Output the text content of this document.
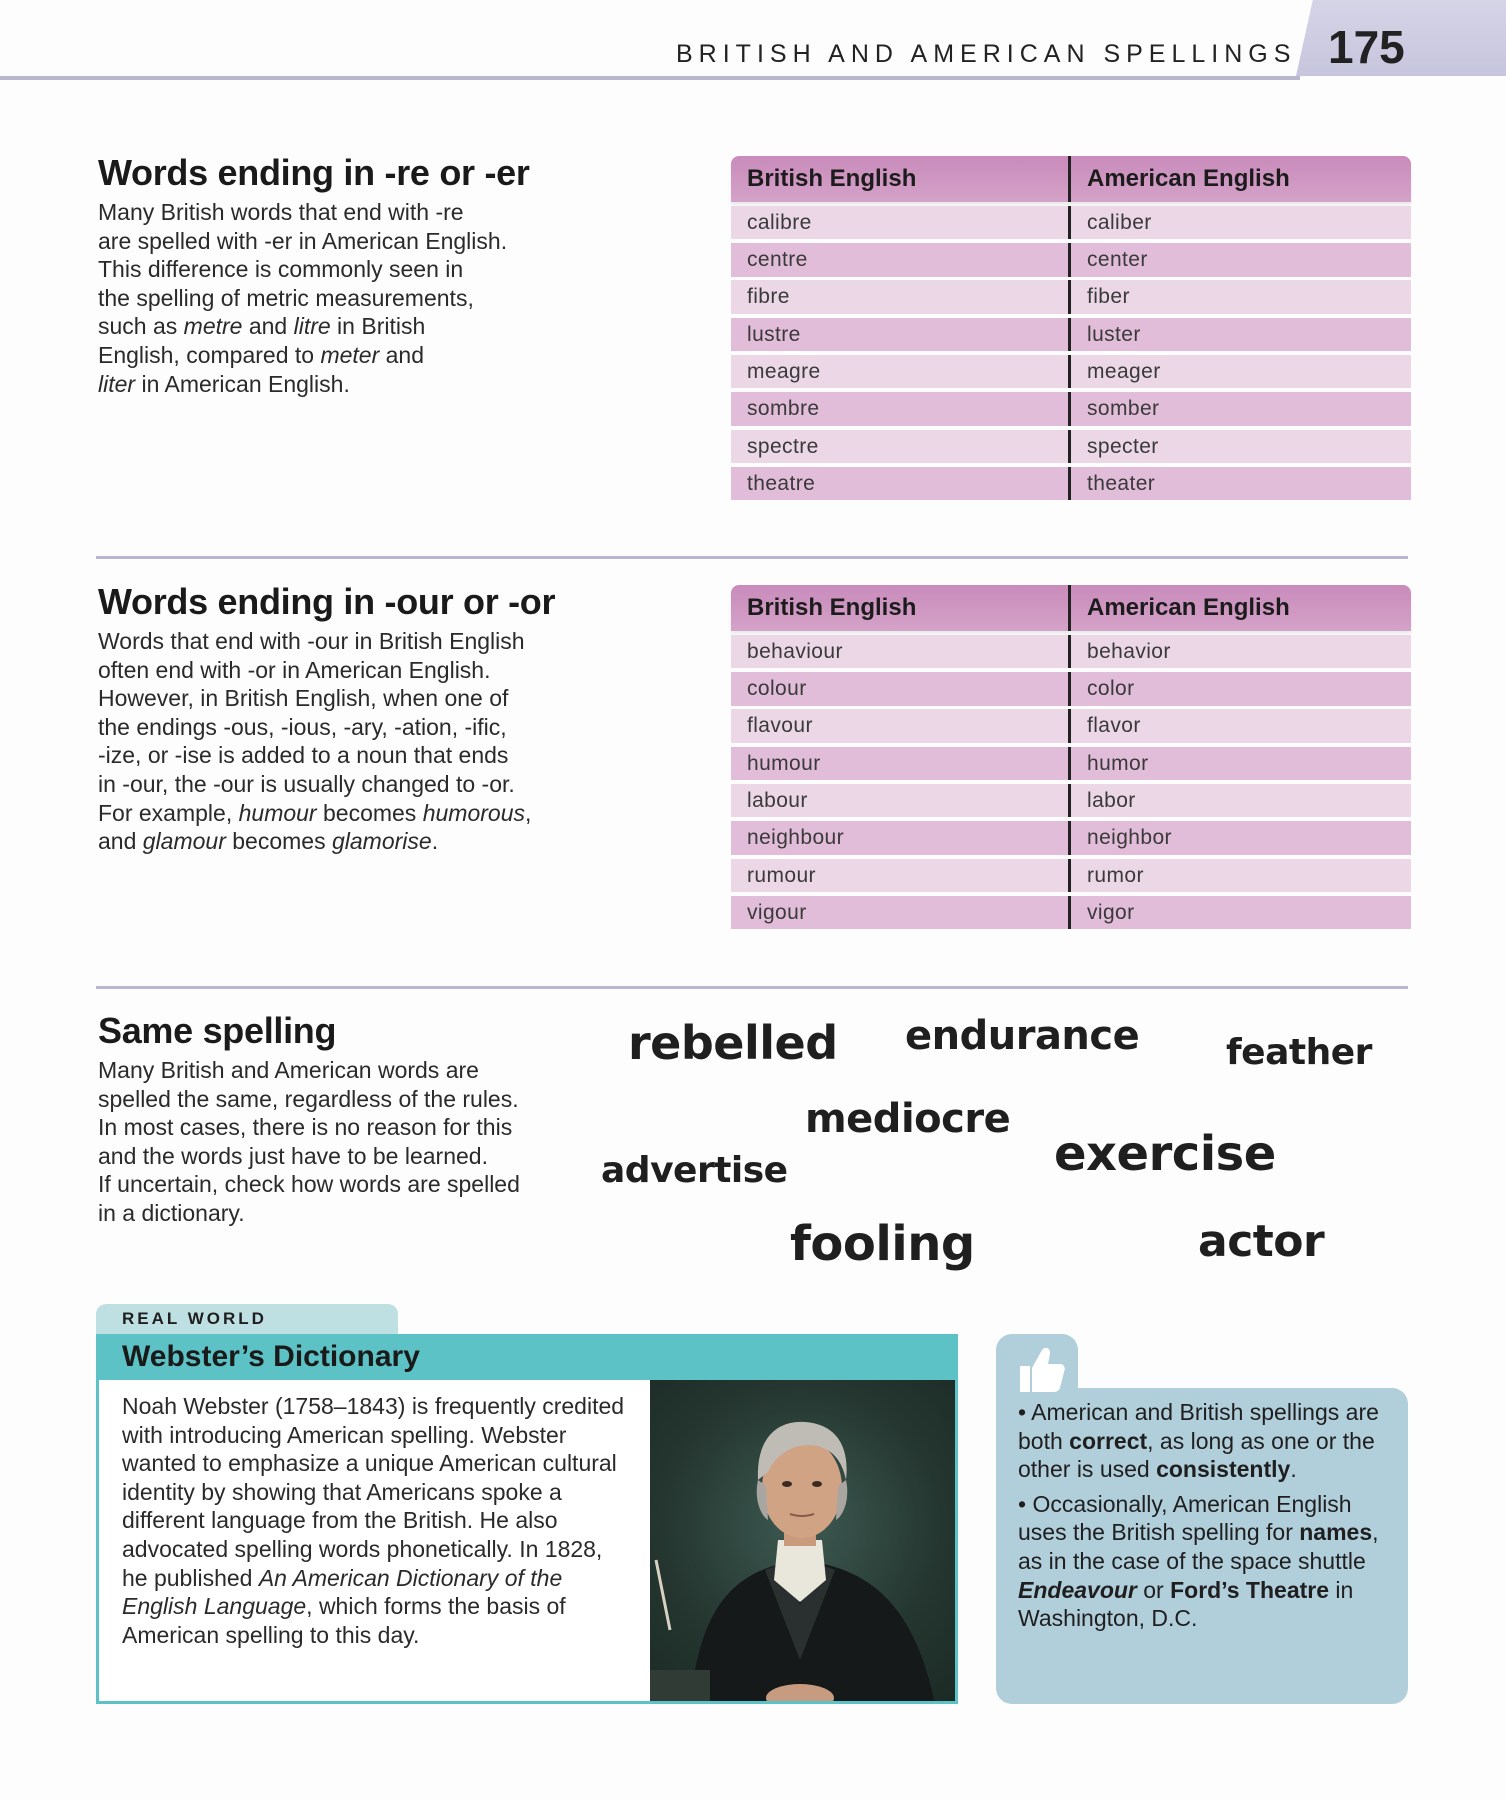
BRITISH AND AMERICAN SPELLINGS 175
Words ending in -re or -er
Many British words that end with -re
are spelled with -er in American English.
This difference is commonly seen in
the spelling of metric measurements,
such as metre and litre in British
English, compared to meter and
liter in American English.
British English	American English
calibre	caliber
centre	center
fibre	fiber
lustre	luster
meagre	meager
sombre	somber
spectre	specter
theatre	theater
Words ending in -our or -or
Words that end with -our in British English
often end with -or in American English.
However, in British English, when one of
the endings -ous, -ious, -ary, -ation, -ific,
-ize, or -ise is added to a noun that ends
in -our, the -our is usually changed to -or.
For example, humour becomes humorous,
and glamour becomes glamorise.
British English	American English
behaviour	behavior
colour	color
flavour	flavor
humour	humor
labour	labor
neighbour	neighbor
rumour	rumor
vigour	vigor
Same spelling
Many British and American words are
spelled the same, regardless of the rules.
In most cases, there is no reason for this
and the words just have to be learned.
If uncertain, check how words are spelled
in a dictionary.
rebelled endurance feather
mediocre
advertise	exercise
fooling	actor
REAL WORLD
Webster’s Dictionary
Noah Webster (1758–1843) is frequently credited
with introducing American spelling. Webster
wanted to emphasize a unique American cultural
identity by showing that Americans spoke a
different language from the British. He also
advocated spelling words phonetically. In 1828,
he published An American Dictionary of the
English Language, which forms the basis of
American spelling to this day.

• American and British spellings are both correct, as long as one or the other is used consistently.

• Occasionally, American English uses the British spelling for names, as in the case of the space shuttle Endeavour or Ford’s Theatre in Washington, D.C.
